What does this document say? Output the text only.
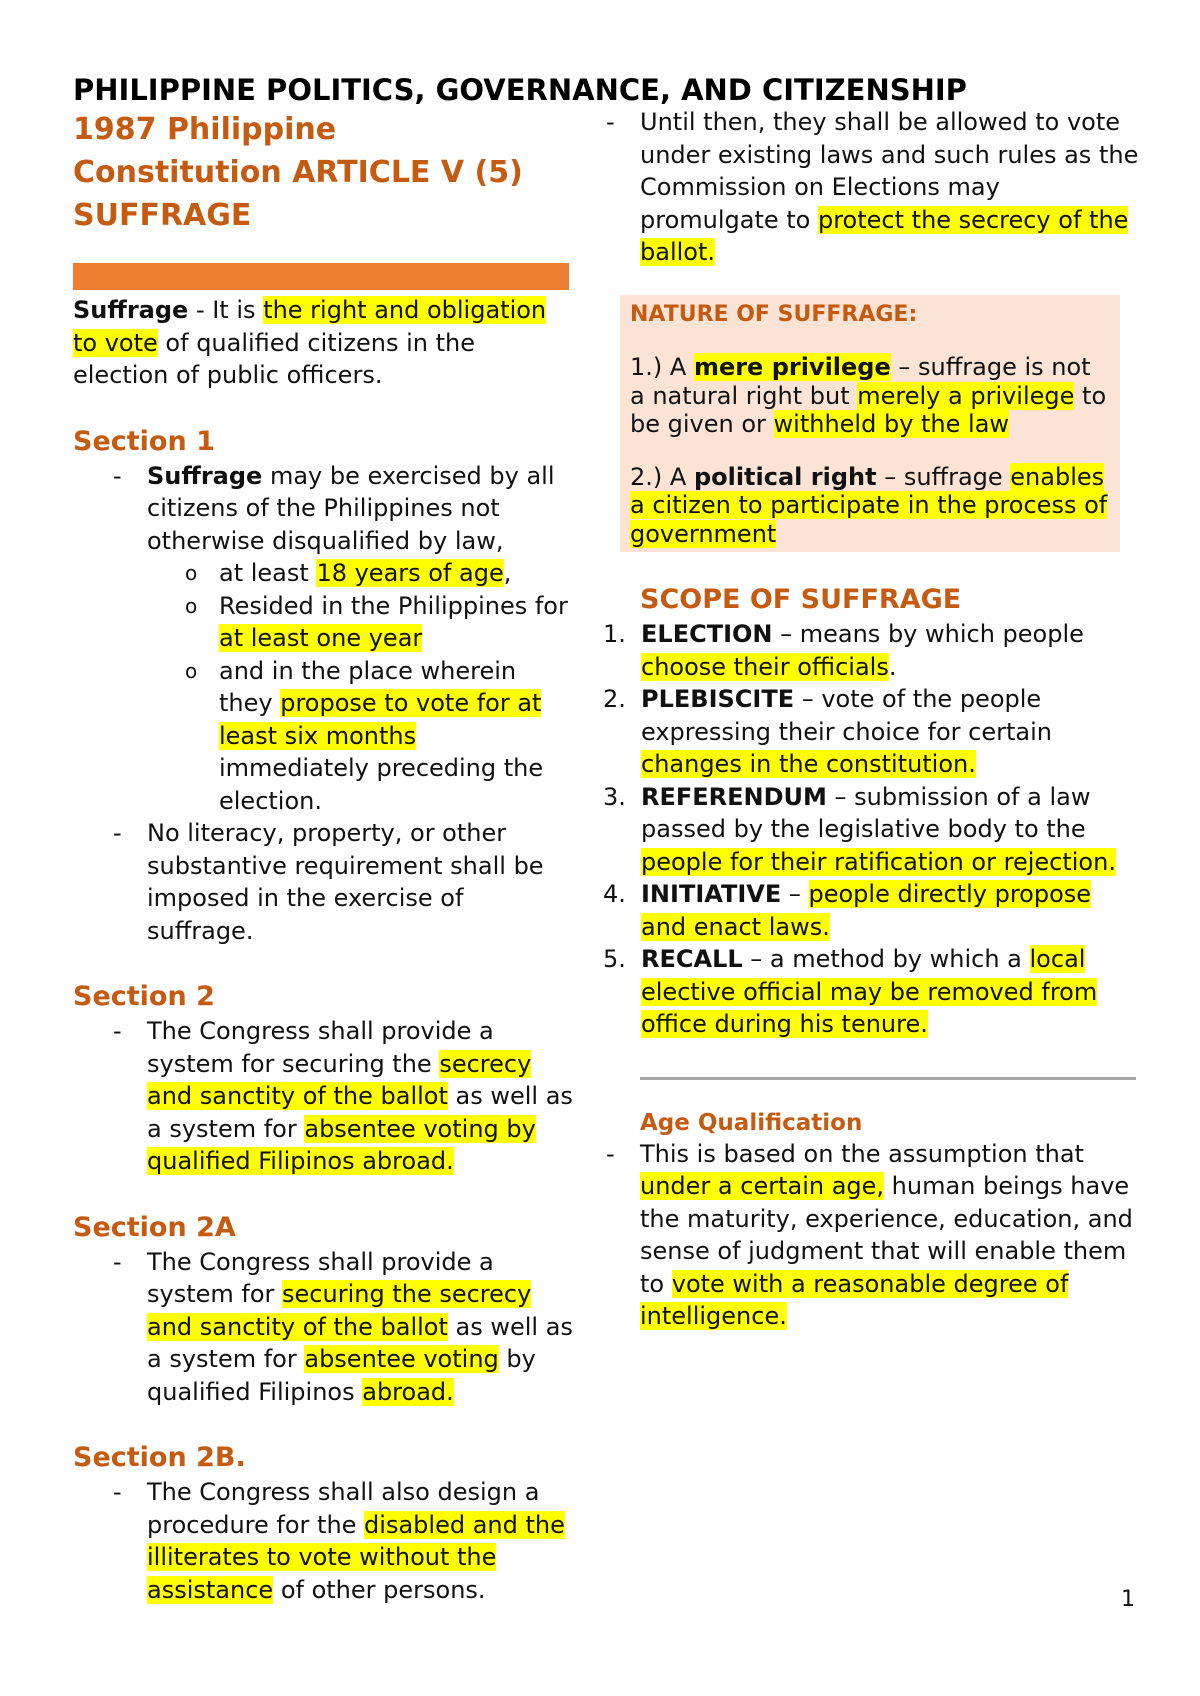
PHILIPPINE POLITICS, GOVERNANCE, AND CITIZENSHIP
1987 Philippine
Constitution ARTICLE V (5)
SUFFRAGE

Suffrage - It is the right and obligation to vote of qualified citizens in the election of public officers.

Section 1
- Suffrage may be exercised by all citizens of the Philippines not otherwise disqualified by law,
o at least 18 years of age,
o Resided in the Philippines for at least one year
o and in the place wherein they propose to vote for at least six months immediately preceding the election.
- No literacy, property, or other substantive requirement shall be imposed in the exercise of suffrage.
Section 2
- The Congress shall provide a system for securing the secrecy and sanctity of the ballot as well as a system for absentee voting by qualified Filipinos abroad.
Section 2A
- The Congress shall provide a system for securing the secrecy and sanctity of the ballot as well as a system for absentee voting by qualified Filipinos abroad.
Section 2B.
- The Congress shall also design a procedure for the disabled and the illiterates to vote without the assistance of other persons.
- Until then, they shall be allowed to vote under existing laws and such rules as the Commission on Elections may promulgate to protect the secrecy of the ballot.
NATURE OF SUFFRAGE:

1.) A mere privilege – suffrage is not a natural right but merely a privilege to be given or withheld by the law

2.) A political right – suffrage enables a citizen to participate in the process of government

SCOPE OF SUFFRAGE
1. ELECTION – means by which people choose their officials.
2. PLEBISCITE – vote of the people expressing their choice for certain changes in the constitution.
3. REFERENDUM – submission of a law passed by the legislative body to the people for their ratification or rejection.
4. INITIATIVE – people directly propose and enact laws.
5. RECALL – a method by which a local elective official may be removed from office during his tenure.
Age Qualification
- This is based on the assumption that under a certain age, human beings have the maturity, experience, education, and sense of judgment that will enable them to vote with a reasonable degree of intelligence.
1
